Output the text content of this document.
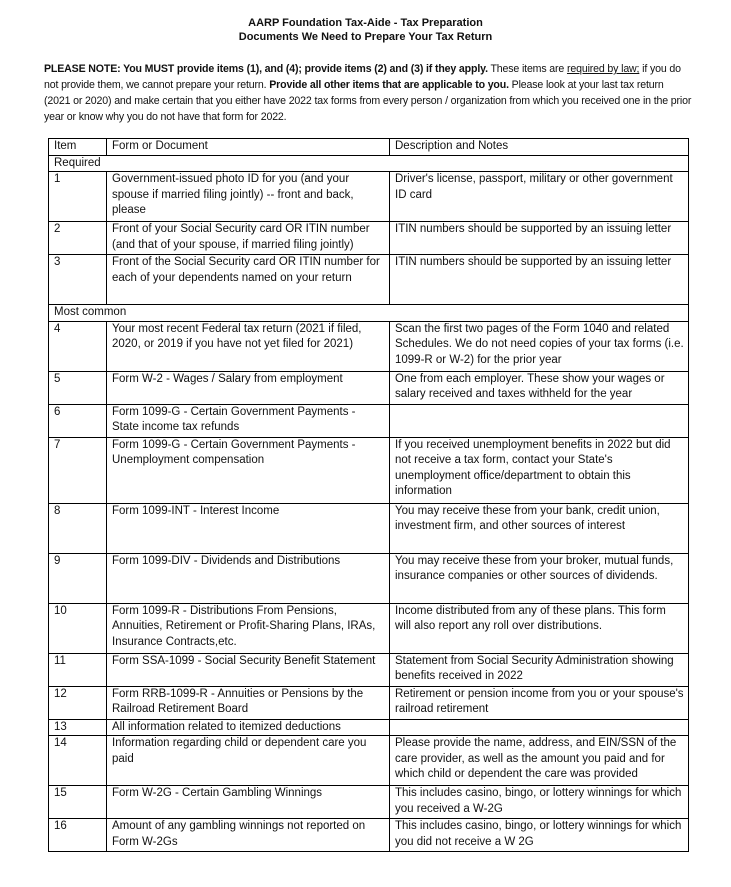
AARP Foundation Tax-Aide - Tax Preparation
Documents We Need to Prepare Your Tax Return
PLEASE NOTE: You MUST provide items (1), and (4); provide items (2) and (3) if they apply. These items are required by law; if you do not provide them, we cannot prepare your return. Provide all other items that are applicable to you. Please look at your last tax return (2021 or 2020) and make certain that you either have 2022 tax forms from every person / organization from which you received one in the prior year or know why you do not have that form for 2022.
Item	Form or Document	Description and Notes
Required		
1	Government-issued photo ID for you (and your spouse if married filing jointly) -- front and back, please	Driver's license, passport, military or other government ID card
2	Front of your Social Security card OR ITIN number (and that of your spouse, if married filing jointly)	ITIN numbers should be supported by an issuing letter
3	Front of the Social Security card OR ITIN number for each of your dependents named on your return	ITIN numbers should be supported by an issuing letter
Most common		
4	Your most recent Federal tax return (2021 if filed, 2020, or 2019 if you have not yet filed for 2021)	Scan the first two pages of the Form 1040 and related Schedules. We do not need copies of your tax forms (i.e. 1099-R or W-2) for the prior year
5	Form W-2 - Wages / Salary from employment	One from each employer. These show your wages or salary received and taxes withheld for the year
6	Form 1099-G - Certain Government Payments - State income tax refunds	
7	Form 1099-G - Certain Government Payments - Unemployment compensation	If you received unemployment benefits in 2022 but did not receive a tax form, contact your State's unemployment office/department to obtain this information
8	Form 1099-INT - Interest Income	You may receive these from your bank, credit union, investment firm, and other sources of interest
9	Form 1099-DIV - Dividends and Distributions	You may receive these from your broker, mutual funds, insurance companies or other sources of dividends.
10	Form 1099-R - Distributions From Pensions, Annuities, Retirement or Profit-Sharing Plans, IRAs, Insurance Contracts,etc.	Income distributed from any of these plans. This form will also report any roll over distributions.
11	Form SSA-1099 - Social Security Benefit Statement	Statement from Social Security Administration showing benefits received in 2022
12	Form RRB-1099-R - Annuities or Pensions by the Railroad Retirement Board	Retirement or pension income from you or your spouse's railroad retirement
13	All information related to itemized deductions	
14	Information regarding child or dependent care you paid	Please provide the name, address, and EIN/SSN of the care provider, as well as the amount you paid and for which child or dependent the care was provided
15	Form W-2G - Certain Gambling Winnings	This includes casino, bingo, or lottery winnings for which you received a W-2G
16	Amount of any gambling winnings not reported on Form W-2Gs	This includes casino, bingo, or lottery winnings for which you did not receive a W 2G
